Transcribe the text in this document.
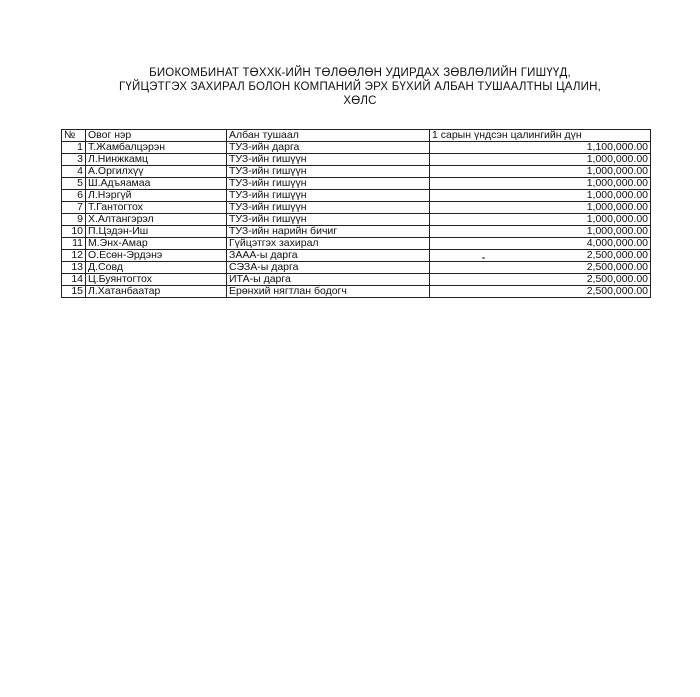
БИОКОМБИНАТ ТӨХХК-ИЙН ТӨЛӨӨЛӨН УДИРДАХ ЗӨВЛӨЛИЙН ГИШҮҮД,
ГҮЙЦЭТГЭХ ЗАХИРАЛ БОЛОН КОМПАНИЙ ЭРХ БҮХИЙ АЛБАН ТУШААЛТНЫ ЦАЛИН,
ХӨЛС
№	Овог нэр	Албан тушаал	1 сарын үндсэн цалингийн дүн
1	Т.Жамбалцэрэн	ТУЗ-ийн дарга	1,100,000.00
3	Л.Нинжкамц	ТУЗ-ийн гишүүн	1,000,000.00
4	А.Оргилхүү	ТУЗ-ийн гишүүн	1,000,000.00
5	Ш.Адъяамаа	ТУЗ-ийн гишүүн	1,000,000.00
6	Л.Нэргүй	ТУЗ-ийн гишүүн	1,000,000.00
7	Т.Гантогтох	ТУЗ-ийн гишүүн	1,000,000.00
9	Х.Алтангэрэл	ТУЗ-ийн гишүүн	1,000,000.00
10	П.Цэдэн-Иш	ТУЗ-ийн нарийн бичиг	1,000,000.00
11	М.Энх-Амар	Гүйцэтгэх захирал	4,000,000.00
12	О.Есөн-Эрдэнэ	ЗААА-ы дарга	2,500,000.00
13	Д.Совд	СЭЗА-ы дарга	2,500,000.00
14	Ц.Буянтогтох	ИТА-ы дарга	2,500,000.00
15	Л.Хатанбаатар	Ерөнхий нягтлан бодогч	2,500,000.00
